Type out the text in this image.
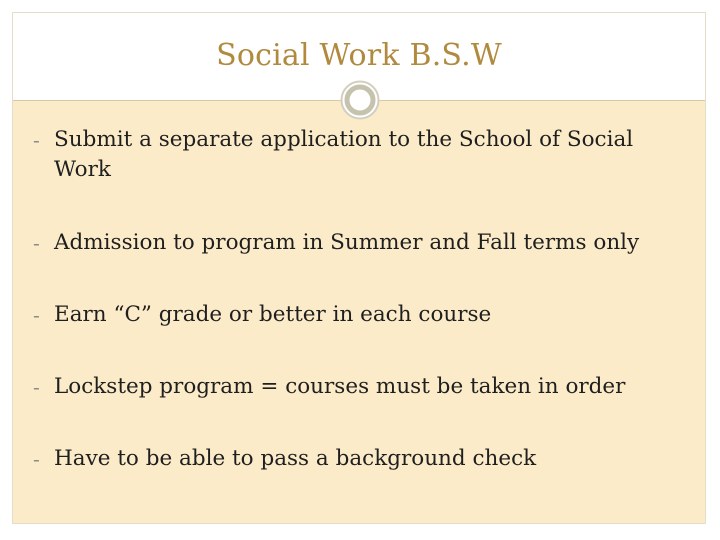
Social Work B.S.W
- Submit a separate application to the School of Social Work
- Admission to program in Summer and Fall terms only
- Earn “C” grade or better in each course
- Lockstep program = courses must be taken in order
- Have to be able to pass a background check
